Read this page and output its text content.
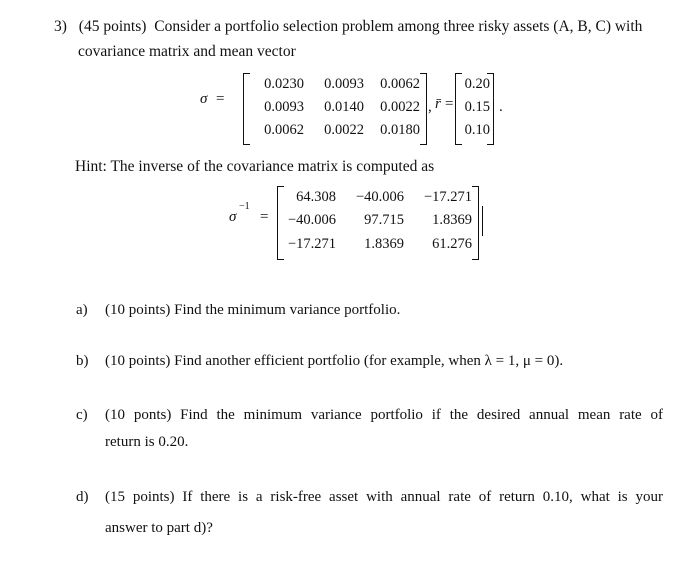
3) (45 points) Consider a portfolio selection problem among three risky assets (A, B, C) with
covariance matrix and mean vector
σ =
0.0230	0.0093	0.0062
0.0093	0.0140	0.0022
0.0062	0.0022	0.0180
, r̄ =
0.20
0.15
0.10
.
Hint: The inverse of the covariance matrix is computed as
σ
−1
=
64.308	−40.006	−17.271
−40.006	97.715	1.8369
−17.271	1.8369	61.276
a) (10 points) Find the minimum variance portfolio.
b) (10 points) Find another efficient portfolio (for example, when λ = 1, μ = 0).
c) (10 ponts) Find the minimum variance portfolio if the desired annual mean rate of
return is 0.20.
d) (15 points) If there is a risk-free asset with annual rate of return 0.10, what is your
answer to part d)?
